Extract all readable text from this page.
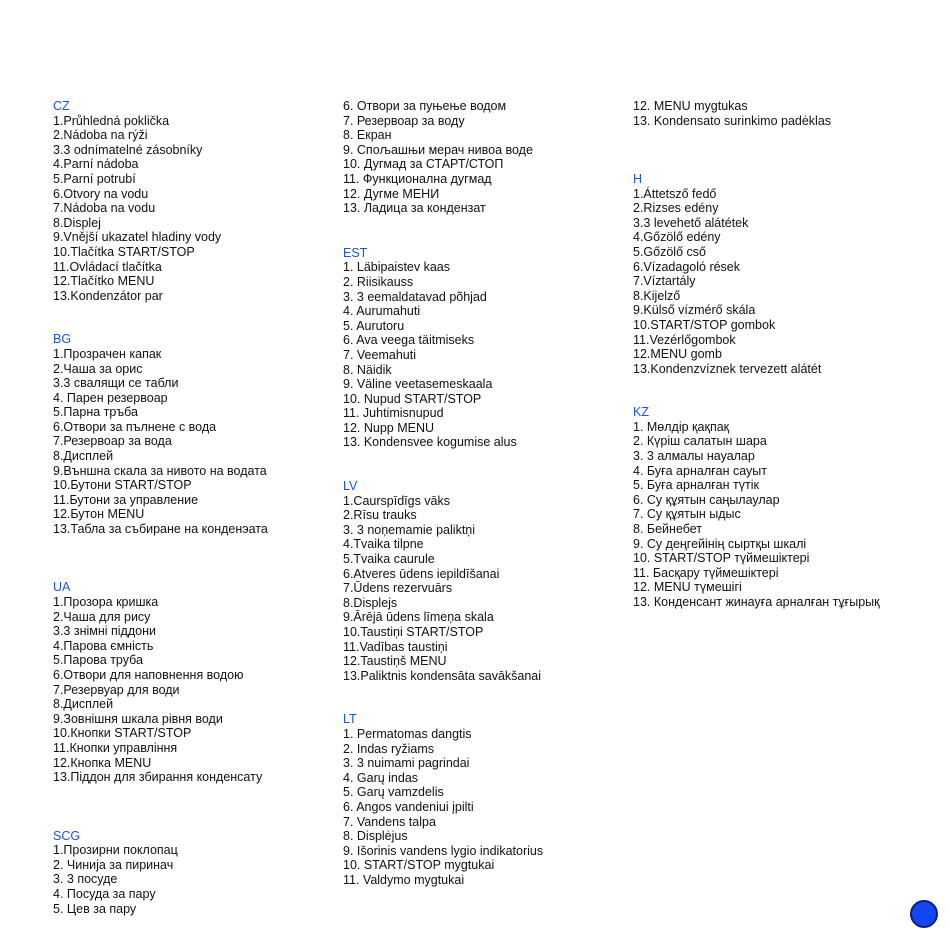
CZ
1.Průhledná poklička
2.Nádoba na rýži
3.3 odnímatelné zásobníky
4.Parní nádoba
5.Parní potrubí
6.Otvory na vodu
7.Nádoba na vodu
8.Displej
9.Vnější ukazatel hladiny vody
10.Tlačítka START/STOP
11.Ovládací tlačítka
12.Tlačítko MENU
13.Kondenzátor par
BG
1.Прозрачен капак
2.Чаша за орис
3.3 свалящи се табли
4. Парен резервоар
5.Парна тръба
6.Отвори за пълнене с вода
7.Резервоар за вода
8.Дисплей
9.Външна скала за нивото на водата
10.Бутони START/STOP
11.Бутони за управление
12.Бутон MENU
13.Табла за събиране на конденэата
UA
1.Прозора кришка
2.Чаша для рису
3.3 знімні піддони
4.Парова ємність
5.Парова труба
6.Отвори для наповнення водою
7.Резервуар для води
8.Дисплей
9.Зовнішня шкала рівня води
10.Кнопки START/STOP
11.Кнопки управління
12.Кнопка MENU
13.Піддон для збирання конденсату
SCG
1.Прозирни поклопац
2. Чинија за пиринач
3. 3 посуде
4. Посуда за пару
5. Цев за пару
6. Отвори за пуњење водом
7. Резервоар за воду
8. Екран
9. Спољашњи мерач нивоа воде
10. Дугмад за СТАРТ/СТОП
11. Функционална дугмад
12. Дугме МЕНИ
13. Ладица за кондензат
EST
1. Läbipaistev kaas
2. Riisikauss
3. 3 eemaldatavad põhjad
4. Aurumahuti
5. Aurutoru
6. Ava veega täitmiseks
7. Veemahuti
8. Näidik
9. Väline veetasemeskaala
10. Nupud START/STOP
11. Juhtimisnupud
12. Nupp MENU
13. Kondensvee kogumise alus
LV
1.Caurspīdīgs vāks
2.Rīsu trauks
3. 3 noņemamie paliktņi
4.Tvaika tilpne
5.Tvaika caurule
6.Atveres ūdens iepildīšanai
7.Ūdens rezervuārs
8.Displejs
9.Ārējā ūdens līmeņa skala
10.Taustiņi START/STOP
11.Vadības taustiņi
12.Taustiņš MENU
13.Paliktnis kondensāta savākšanai
LT
1. Permatomas dangtis
2. Indas ryžiams
3. 3 nuimami pagrindai
4. Garų indas
5. Garų vamzdelis
6. Angos vandeniui įpilti
7. Vandens talpa
8. Displėjus
9. Išorinis vandens lygio indikatorius
10. START/STOP mygtukai
11. Valdymo mygtukai
12. MENU mygtukas
13. Kondensato surinkimo padėklas
H
1.Áttetsző fedő
2.Rizses edény
3.3 levehető alátétek
4.Gőzölő edény
5.Gőzölő cső
6.Vízadagoló rések
7.Víztartály
8.Kijelző
9.Külső vízmérő skála
10.START/STOP gombok
11.Vezérlőgombok
12.MENU gomb
13.Kondenzvíznek tervezett alátét
KZ
1. Мөлдір қақпақ
2. Күріш салатын шара
3. 3 алмалы науалар
4. Буға арналған сауыт
5. Буға арналған түтік
6. Су құятын саңылаулар
7. Су құятын ыдыс
8. Бейнебет
9. Су деңгейінің сыртқы шкалі
10. START/STOP түймешіктері
11. Басқару түймешіктері
12. MENU түмешігі
13. Конденсант жинауға арналған тұғырық
